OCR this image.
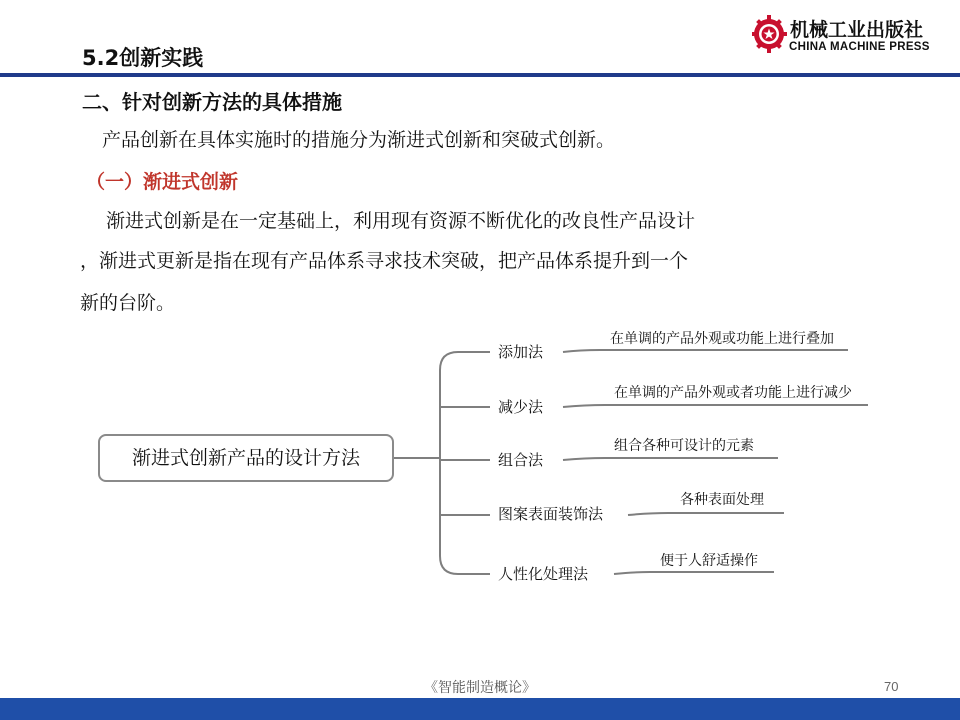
5.2创新实践
机械工业出版社
CHINA MACHINE PRESS
二、针对创新方法的具体措施
产品创新在具体实施时的措施分为渐进式创新和突破式创新。
（一）渐进式创新
渐进式创新是在一定基础上，利用现有资源不断优化的改良性产品设计
，渐进式更新是指在现有产品体系寻求技术突破，把产品体系提升到一个
新的台阶。
渐进式创新产品的设计方法
添加法
减少法
组合法
图案表面装饰法
人性化处理法
在单调的产品外观或功能上进行叠加
在单调的产品外观或者功能上进行减少
组合各种可设计的元素
各种表面处理
便于人舒适操作
《智能制造概论》	70
